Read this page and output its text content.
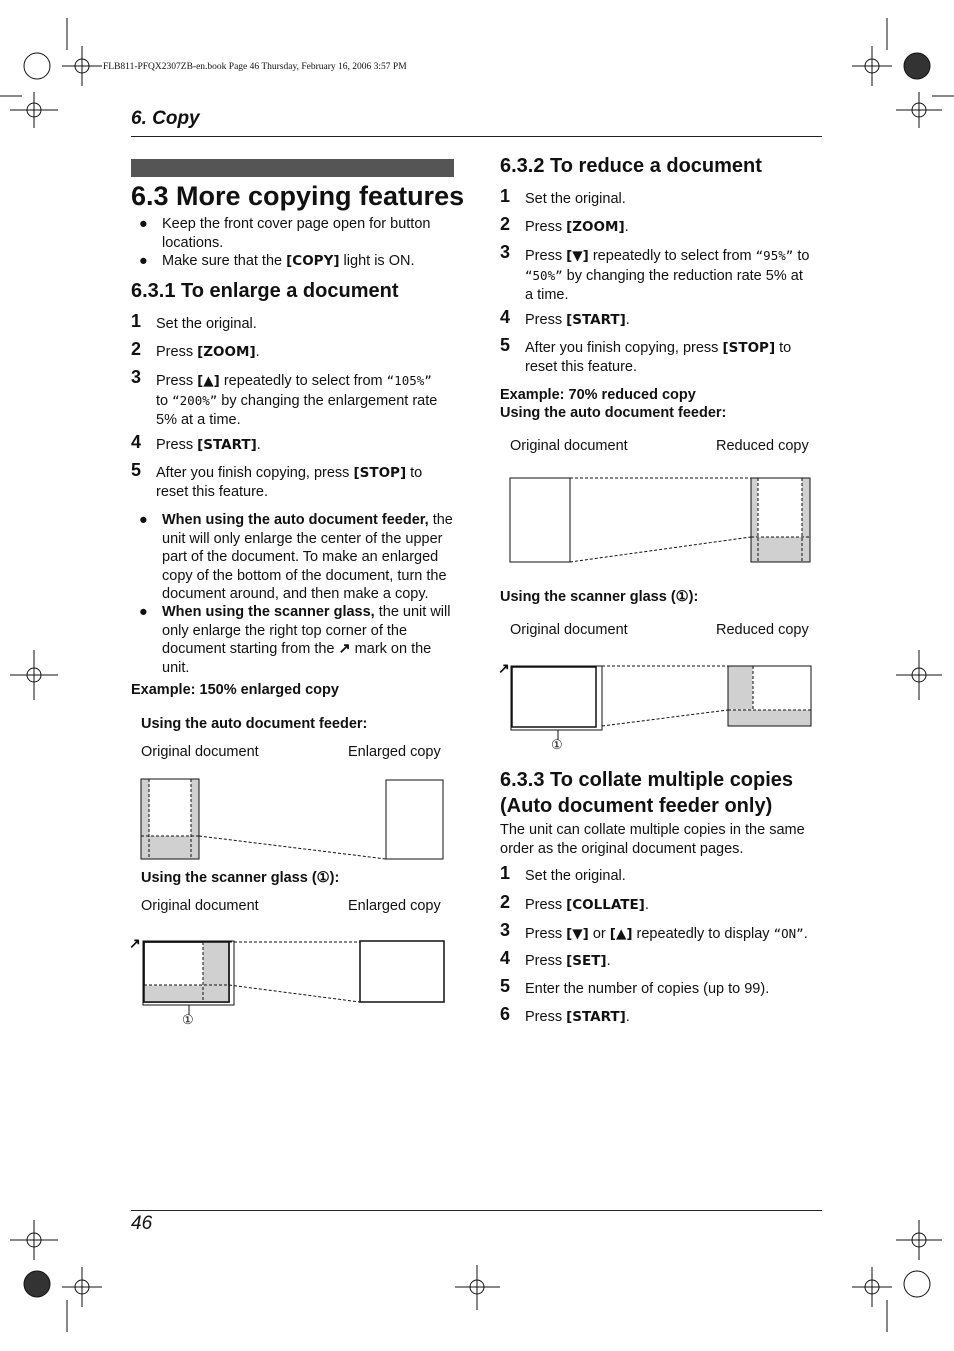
FLB811-PFQX2307ZB-en.book Page 46 Thursday, February 16, 2006 3:57 PM
6. Copy
6.3 More copying features
● Keep the front cover page open for button locations.
● Make sure that the [COPY] light is ON.
6.3.1 To enlarge a document
1 Set the original.
2 Press [ZOOM].
3 Press [▲] repeatedly to select from “105%”
to “200%” by changing the enlargement rate
5% at a time.
4 Press [START].
5 After you finish copying, press [STOP] to
reset this feature.
● When using the auto document feeder, the unit will only enlarge the center of the upper part of the document. To make an enlarged copy of the bottom of the document, turn the document around, and then make a copy.
● When using the scanner glass, the unit will only enlarge the right top corner of the document starting from the ↗ mark on the unit.
Example: 150% enlarged copy
Using the auto document feeder:
Original document	Enlarged copy
Using the scanner glass (①):
Original document	Enlarged copy
↗
①
6.3.2 To reduce a document
1 Set the original.
2 Press [ZOOM].
3 Press [▼] repeatedly to select from “95%” to
“50%” by changing the reduction rate 5% at
a time.
4 Press [START].
5 After you finish copying, press [STOP] to
reset this feature.
Example: 70% reduced copy
Using the auto document feeder:
Original document	Reduced copy
Using the scanner glass (①):
Original document	Reduced copy
↗
①
6.3.3 To collate multiple copies
(Auto document feeder only)
The unit can collate multiple copies in the same
order as the original document pages.
1 Set the original.
2 Press [COLLATE].
3 Press [▼] or [▲] repeatedly to display “ON”.
4 Press [SET].
5 Enter the number of copies (up to 99).
6 Press [START].
46
